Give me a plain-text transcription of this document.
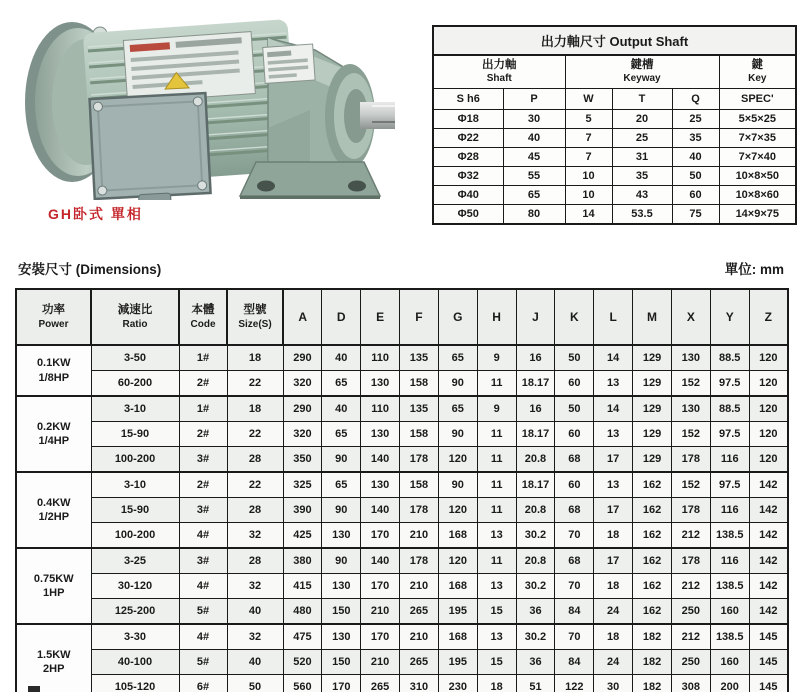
GH卧式 單相
出力軸尺寸 Output Shaft					
出力軸
Shaft		鍵槽
Keyway			鍵
Key
S h6	P	W	T	Q	SPEC'
Φ18	30	5	20	25	5×5×25
Φ22	40	7	25	35	7×7×35
Φ28	45	7	31	40	7×7×40
Φ32	55	10	35	50	10×8×50
Φ40	65	10	43	60	10×8×60
Φ50	80	14	53.5	75	14×9×75
安裝尺寸 (Dimensions)	單位: mm
功率
Power	減速比
Ratio	本體
Code	型號
Size(S)	A	D	E	F	G	H	J	K	L	M	X	Y	Z

0.1KW
1/8HP	3-50	1#	18	290	40	110	135	65	9	16	50	14	129	130	88.5	120
	60-200	2#	22	320	65	130	158	90	11	18.17	60	13	129	152	97.5	120

0.2KW
1/4HP	3-10	1#	18	290	40	110	135	65	9	16	50	14	129	130	88.5	120
	15-90	2#	22	320	65	130	158	90	11	18.17	60	13	129	152	97.5	120
	100-200	3#	28	350	90	140	178	120	11	20.8	68	17	129	178	116	120

0.4KW
1/2HP	3-10	2#	22	325	65	130	158	90	11	18.17	60	13	162	152	97.5	142
	15-90	3#	28	390	90	140	178	120	11	20.8	68	17	162	178	116	142
	100-200	4#	32	425	130	170	210	168	13	30.2	70	18	162	212	138.5	142

0.75KW
1HP	3-25	3#	28	380	90	140	178	120	11	20.8	68	17	162	178	116	142
	30-120	4#	32	415	130	170	210	168	13	30.2	70	18	162	212	138.5	142
	125-200	5#	40	480	150	210	265	195	15	36	84	24	162	250	160	142

1.5KW
2HP	3-30	4#	32	475	130	170	210	168	13	30.2	70	18	182	212	138.5	145
	40-100	5#	40	520	150	210	265	195	15	36	84	24	182	250	160	145
	105-120	6#	50	560	170	265	310	230	18	51	122	30	182	308	200	145
